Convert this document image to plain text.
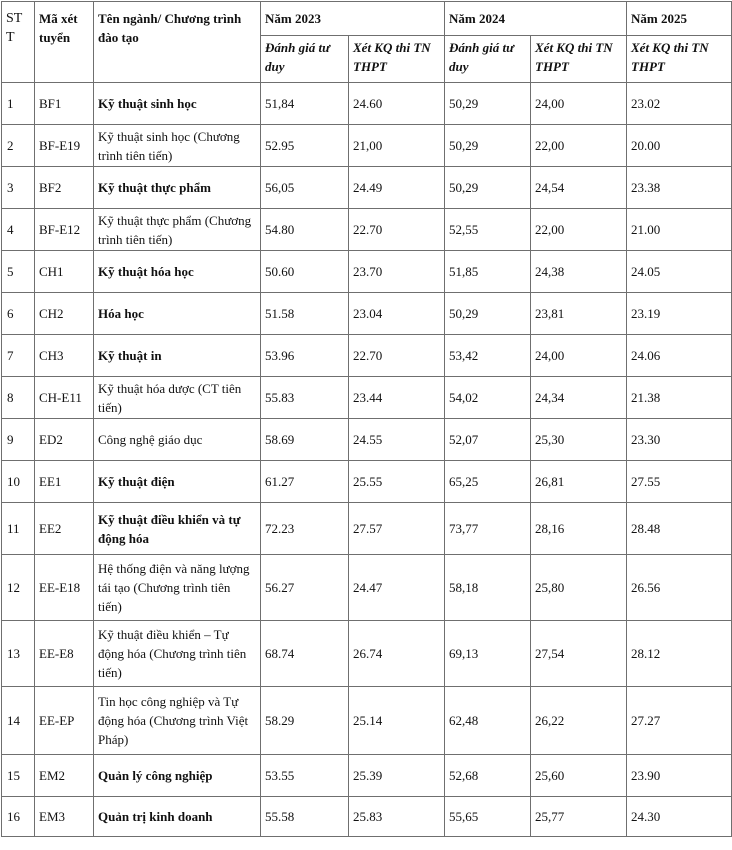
STT	Mã xét tuyển	Tên ngành/ Chương trình đào tạo	Năm 2023		Năm 2024		Năm 2025
			Đánh giá tư duy	Xét KQ thi TN THPT	Đánh giá tư duy	Xét KQ thi TN THPT	Xét KQ thi TN THPT
1	BF1	Kỹ thuật sinh học	51,84	24.60	50,29	24,00	23.02
2	BF-E19	Kỹ thuật sinh học (Chương trình tiên tiến)	52.95	21,00	50,29	22,00	20.00
3	BF2	Kỹ thuật thực phẩm	56,05	24.49	50,29	24,54	23.38
4	BF-E12	Kỹ thuật thực phẩm (Chương trình tiên tiến)	54.80	22.70	52,55	22,00	21.00
5	CH1	Kỹ thuật hóa học	50.60	23.70	51,85	24,38	24.05
6	CH2	Hóa học	51.58	23.04	50,29	23,81	23.19
7	CH3	Kỹ thuật in	53.96	22.70	53,42	24,00	24.06
8	CH-E11	Kỹ thuật hóa dược (CT tiên tiến)	55.83	23.44	54,02	24,34	21.38
9	ED2	Công nghệ giáo dục	58.69	24.55	52,07	25,30	23.30
10	EE1	Kỹ thuật điện	61.27	25.55	65,25	26,81	27.55
11	EE2	Kỹ thuật điều khiển và tự động hóa	72.23	27.57	73,77	28,16	28.48
12	EE-E18	Hệ thống điện và năng lượng tái tạo (Chương trình tiên tiến)	56.27	24.47	58,18	25,80	26.56
13	EE-E8	Kỹ thuật điều khiển – Tự động hóa (Chương trình tiên tiến)	68.74	26.74	69,13	27,54	28.12
14	EE-EP	Tin học công nghiệp và Tự động hóa (Chương trình Việt Pháp)	58.29	25.14	62,48	26,22	27.27
15	EM2	Quản lý công nghiệp	53.55	25.39	52,68	25,60	23.90
16	EM3	Quản trị kinh doanh	55.58	25.83	55,65	25,77	24.30
